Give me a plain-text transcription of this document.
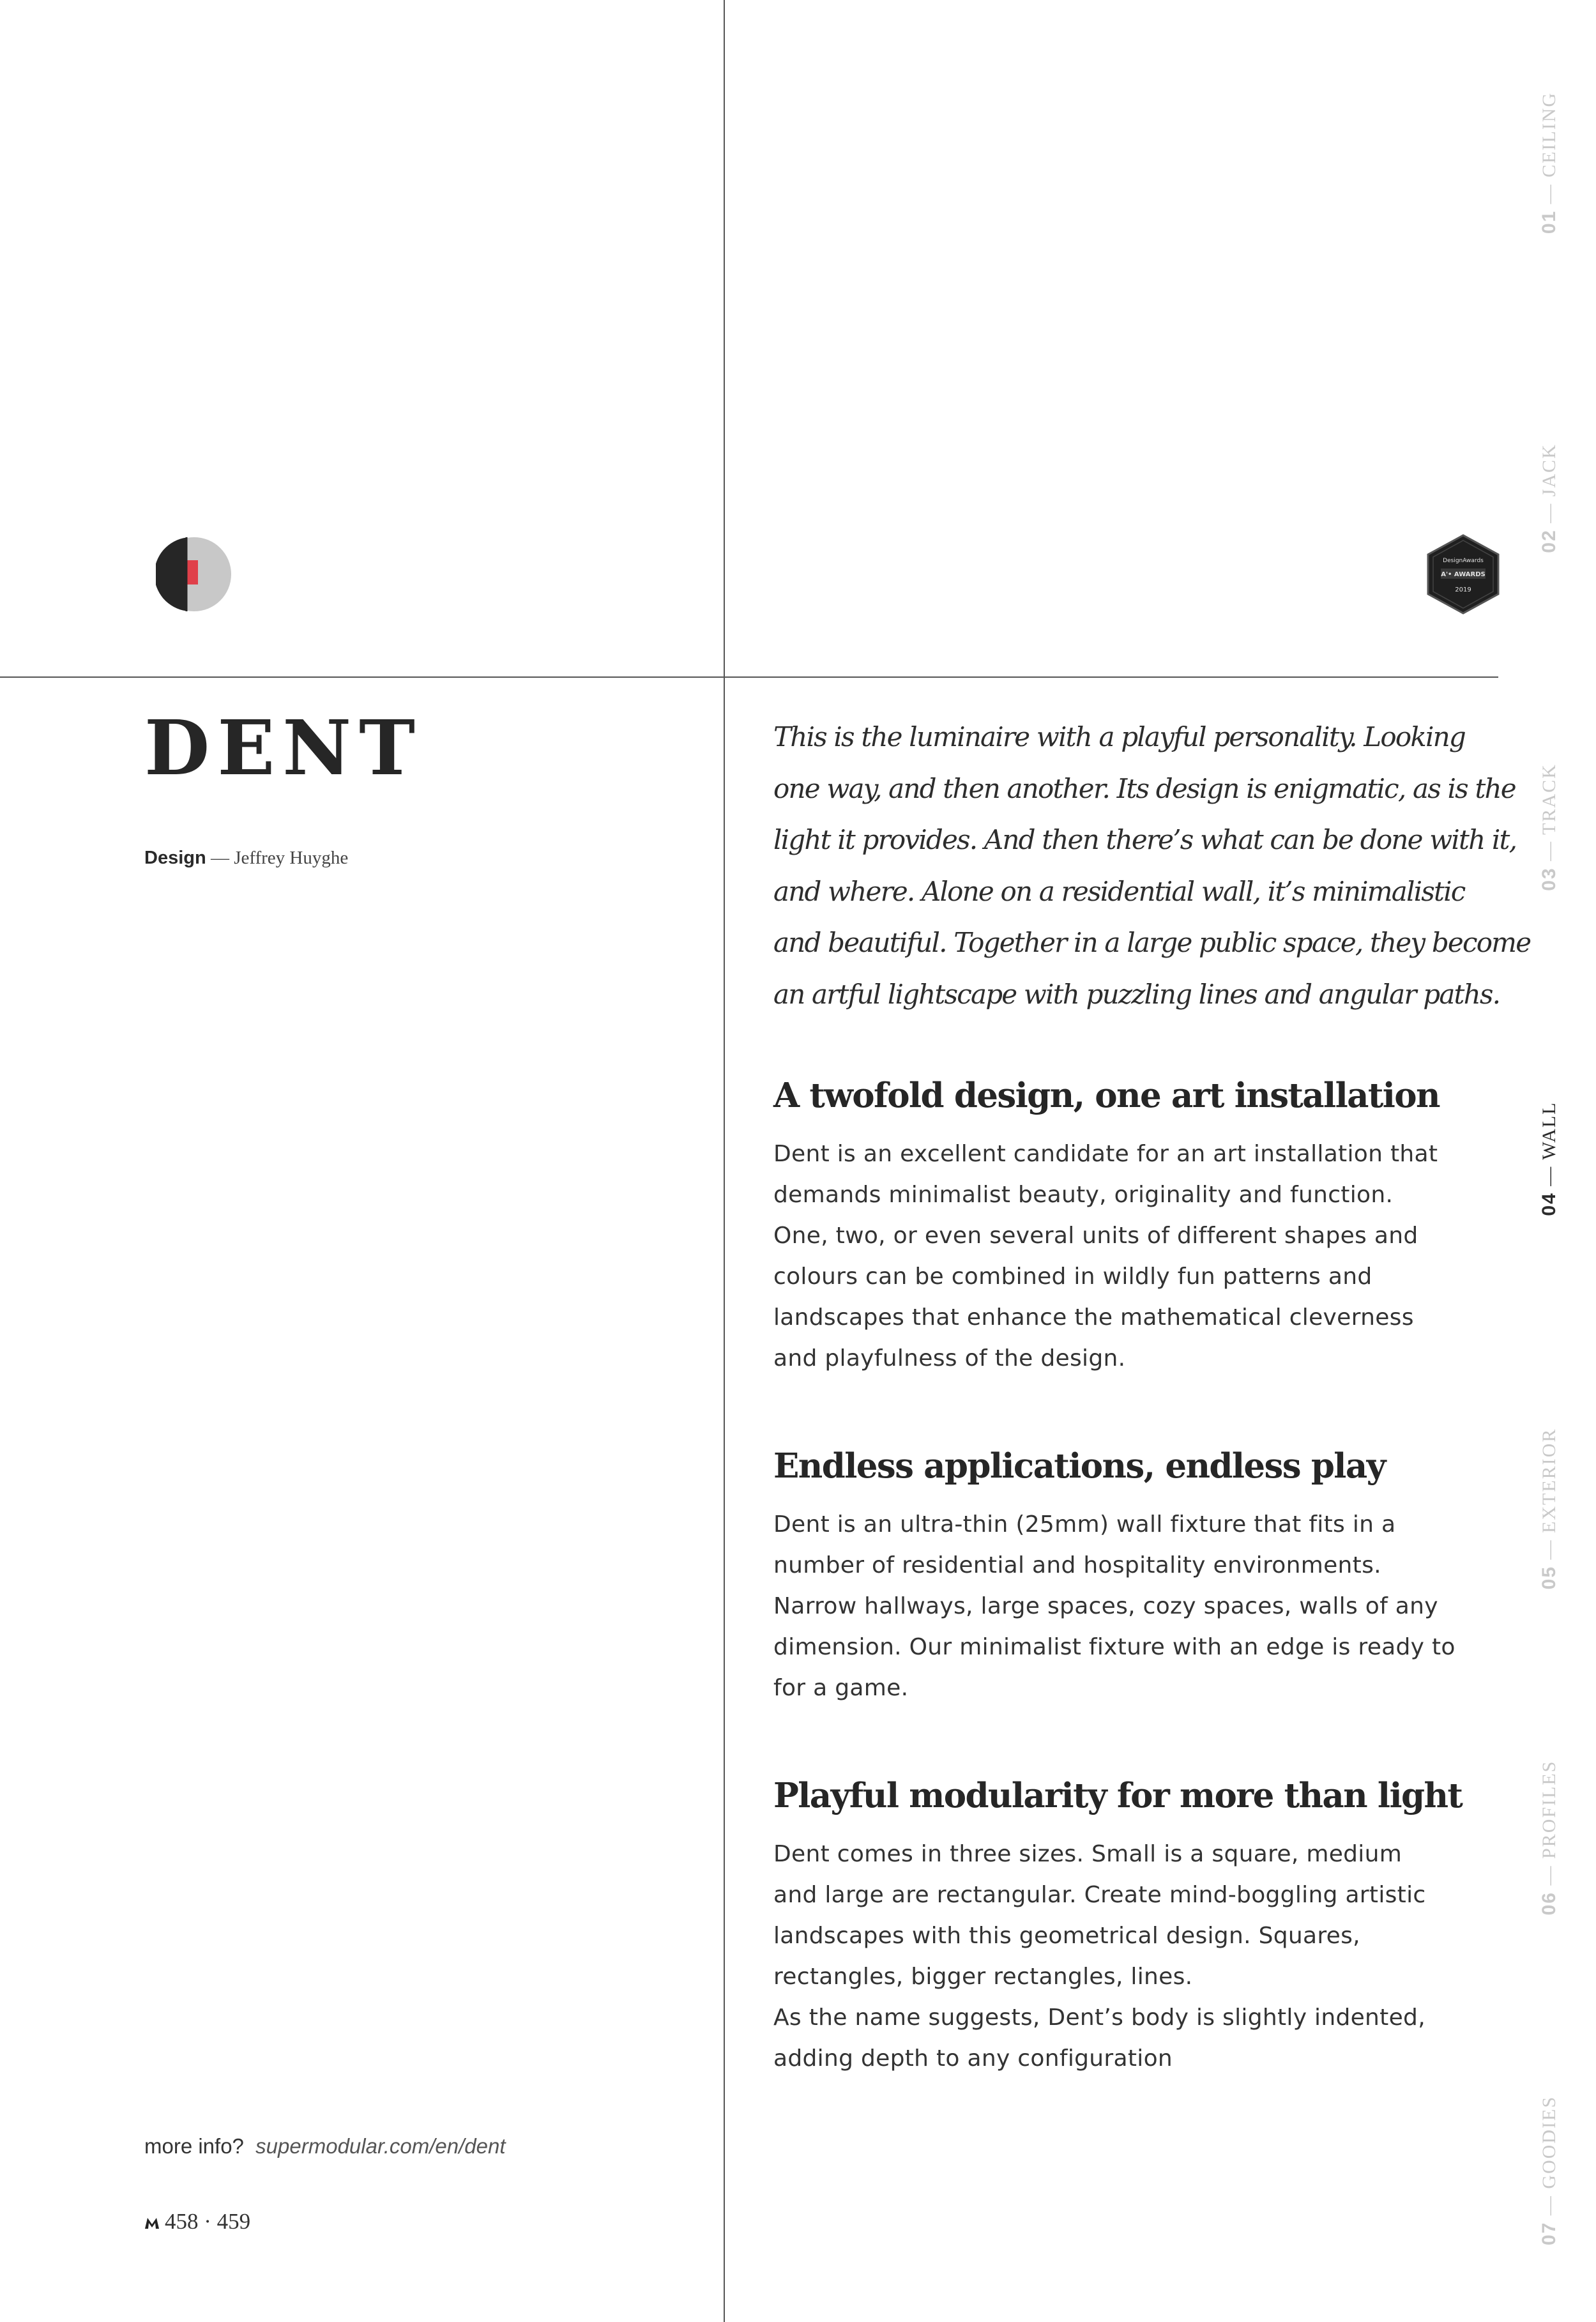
DesignAwards
A'• AWARDS
2019
DENT
Design — Jeffrey Huyghe

This is the luminaire with a playful personality. Looking
one way, and then another. Its design is enigmatic, as is the
light it provides. And then there’s what can be done with it,
and where. Alone on a residential wall, it’s minimalistic
and beautiful. Together in a large public space, they become
an artful lightscape with puzzling lines and angular paths.

A twofold design, one art installation
Dent is an excellent candidate for an art installation that
demands minimalist beauty, originality and function.
One, two, or even several units of different shapes and
colours can be combined in wildly fun patterns and
landscapes that enhance the mathematical cleverness
and playfulness of the design.
Endless applications, endless play
Dent is an ultra-thin (25mm) wall fixture that fits in a
number of residential and hospitality environments.
Narrow hallways, large spaces, cozy spaces, walls of any
dimension. Our minimalist fixture with an edge is ready to
for a game.
Playful modularity for more than light
Dent comes in three sizes. Small is a square, medium
and large are rectangular. Create mind-boggling artistic
landscapes with this geometrical design. Squares,
rectangles, bigger rectangles, lines.
As the name suggests, Dent’s body is slightly indented,
adding depth to any configuration
more info? supermodular.com/en/dent
458 · 459
01 — CEILING
02 — JACK
03 — TRACK
04 — WALL
05 — EXTERIOR
06 — PROFILES
07 — GOODIES
